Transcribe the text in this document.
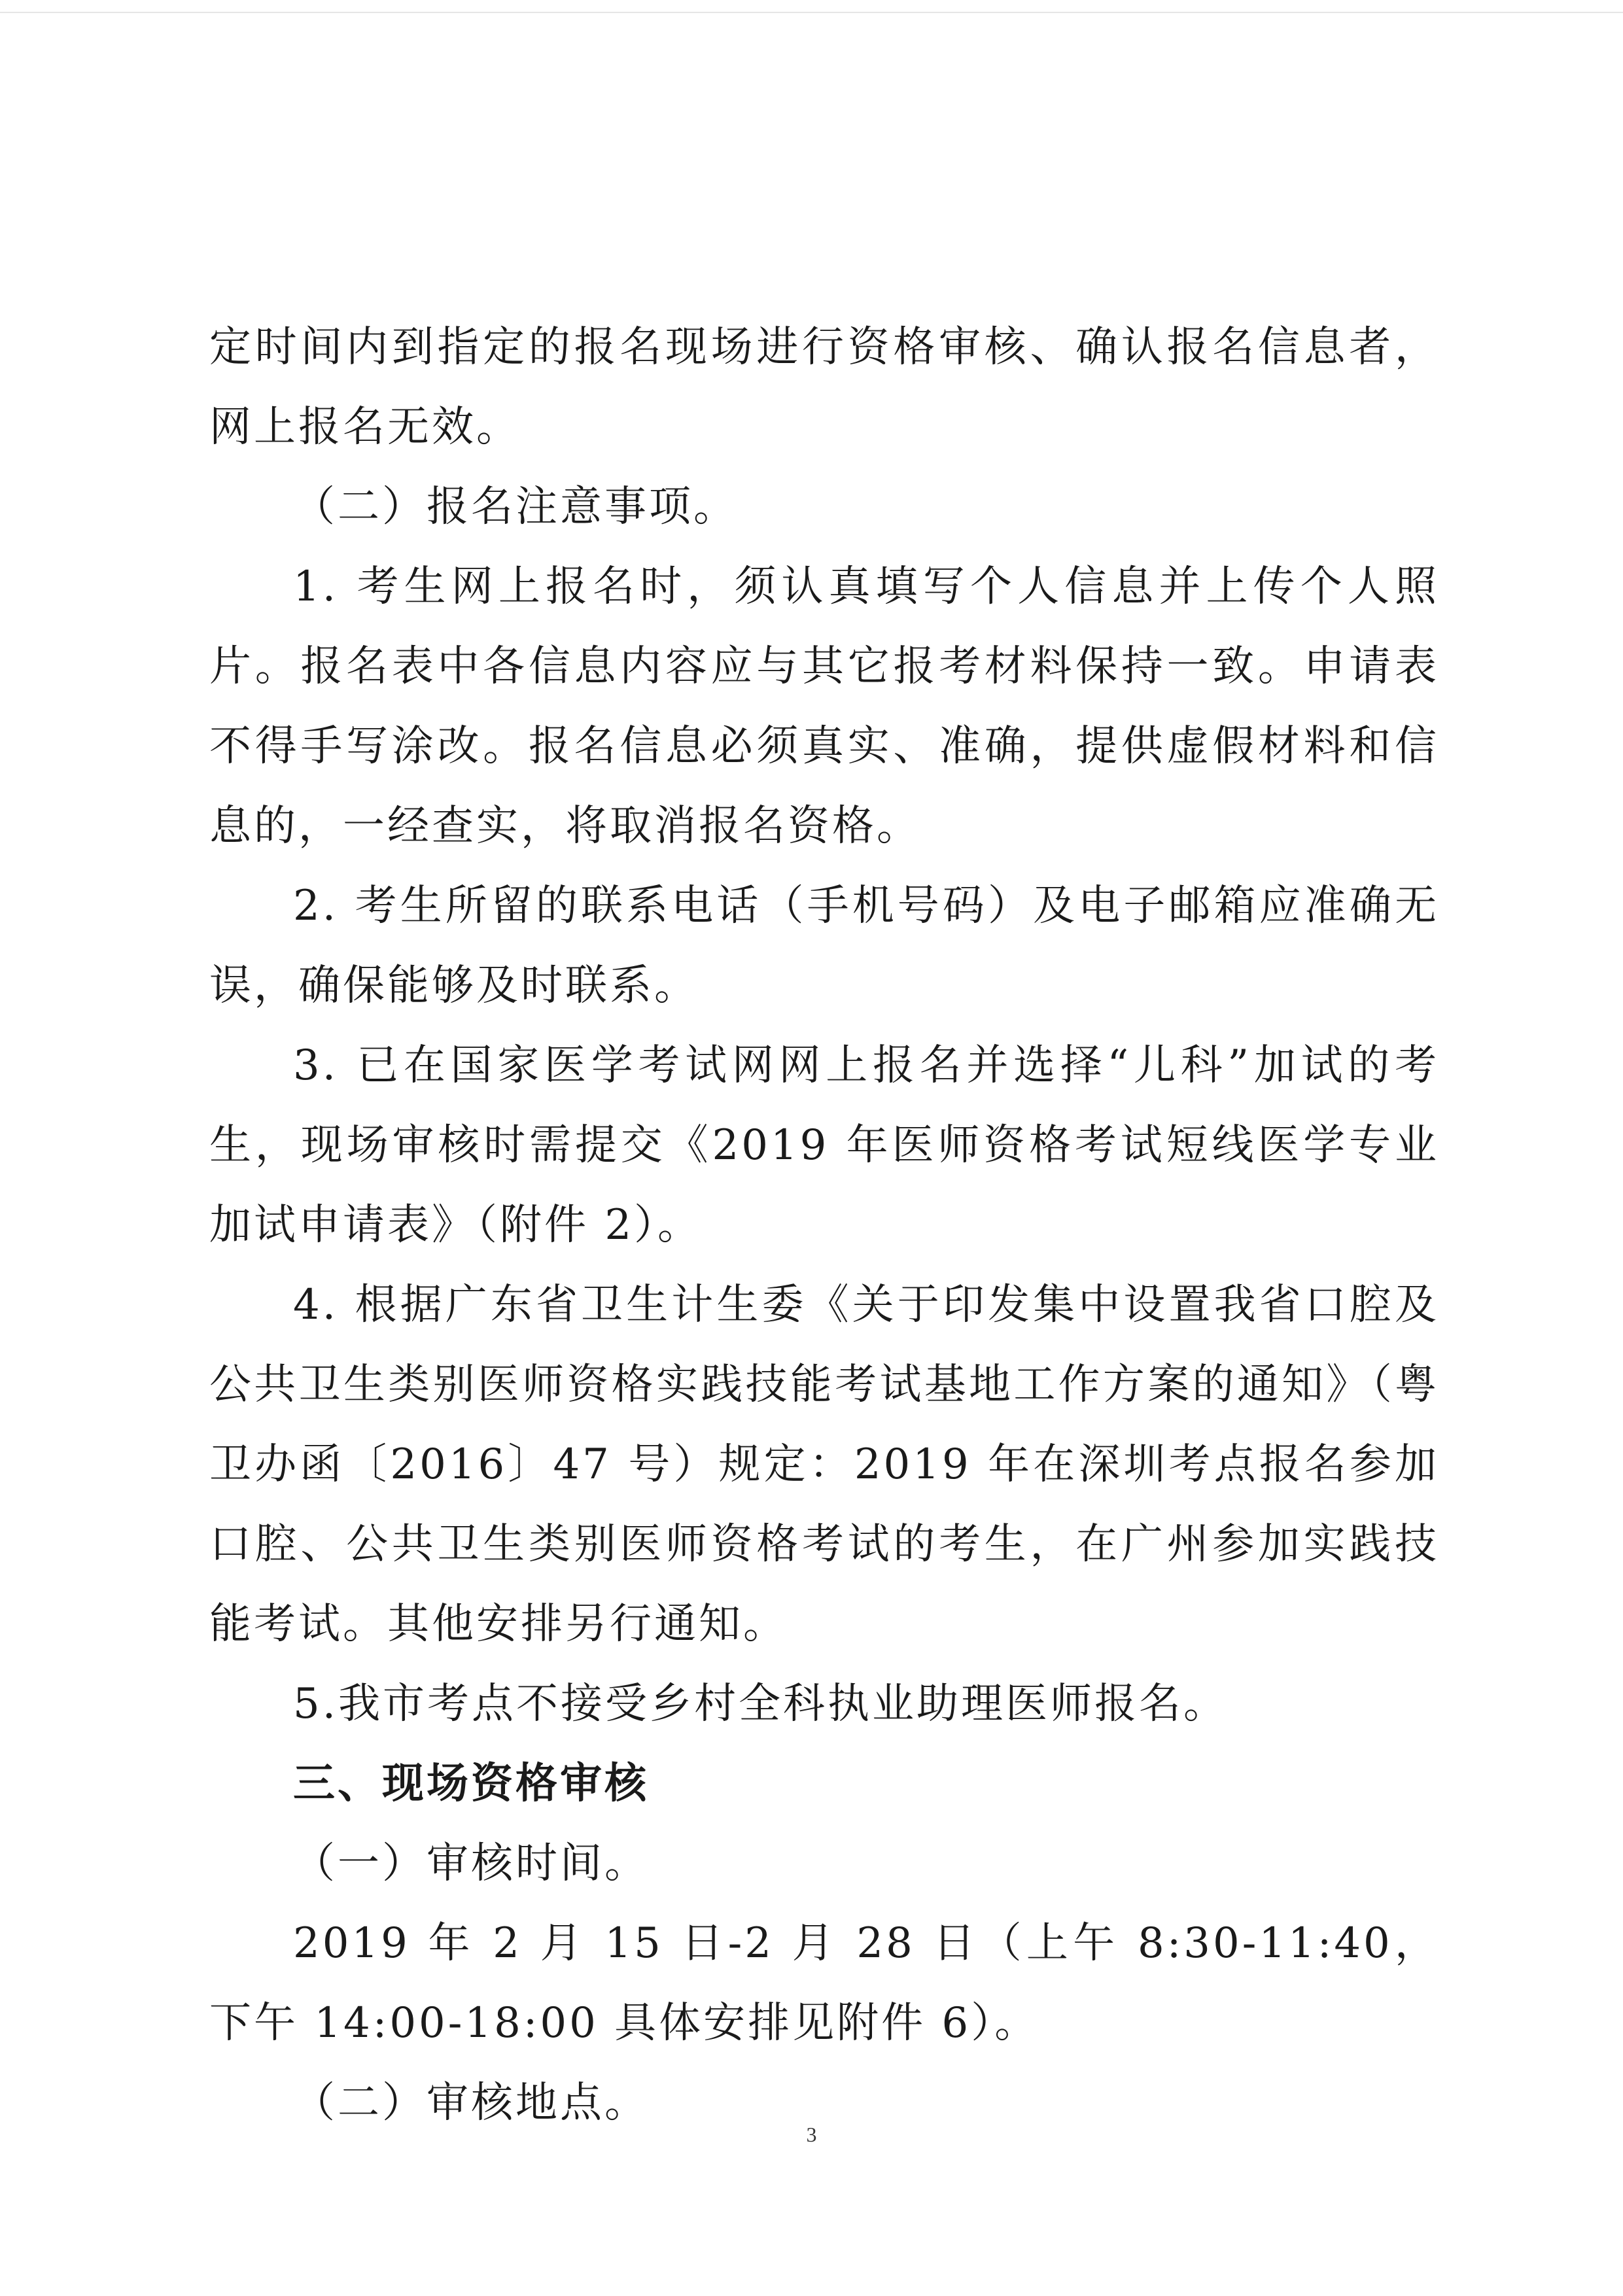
定时间内到指定的报名现场进行资格审核、确认报名信息者，网上报名无效。

（二）报名注意事项。

1. 考生网上报名时，须认真填写个人信息并上传个人照片。报名表中各信息内容应与其它报考材料保持一致。申请表不得手写涂改。报名信息必须真实、准确，提供虚假材料和信息的，一经查实，将取消报名资格。

2. 考生所留的联系电话（手机号码）及电子邮箱应准确无误，确保能够及时联系。

3. 已在国家医学考试网网上报名并选择“儿科”加试的考生，现场审核时需提交《2019 年医师资格考试短线医学专业加试申请表》（附件 2）。

4. 根据广东省卫生计生委《关于印发集中设置我省口腔及公共卫生类别医师资格实践技能考试基地工作方案的通知》（粤卫办函〔2016〕47 号）规定：2019 年在深圳考点报名参加口腔、公共卫生类别医师资格考试的考生，在广州参加实践技能考试。其他安排另行通知。

5.我市考点不接受乡村全科执业助理医师报名。

三、现场资格审核

（一）审核时间。

2019 年 2 月 15 日-2 月 28 日（上午 8:30-11:40，下午 14:00-18:00 具体安排见附件 6）。

（二）审核地点。

3
